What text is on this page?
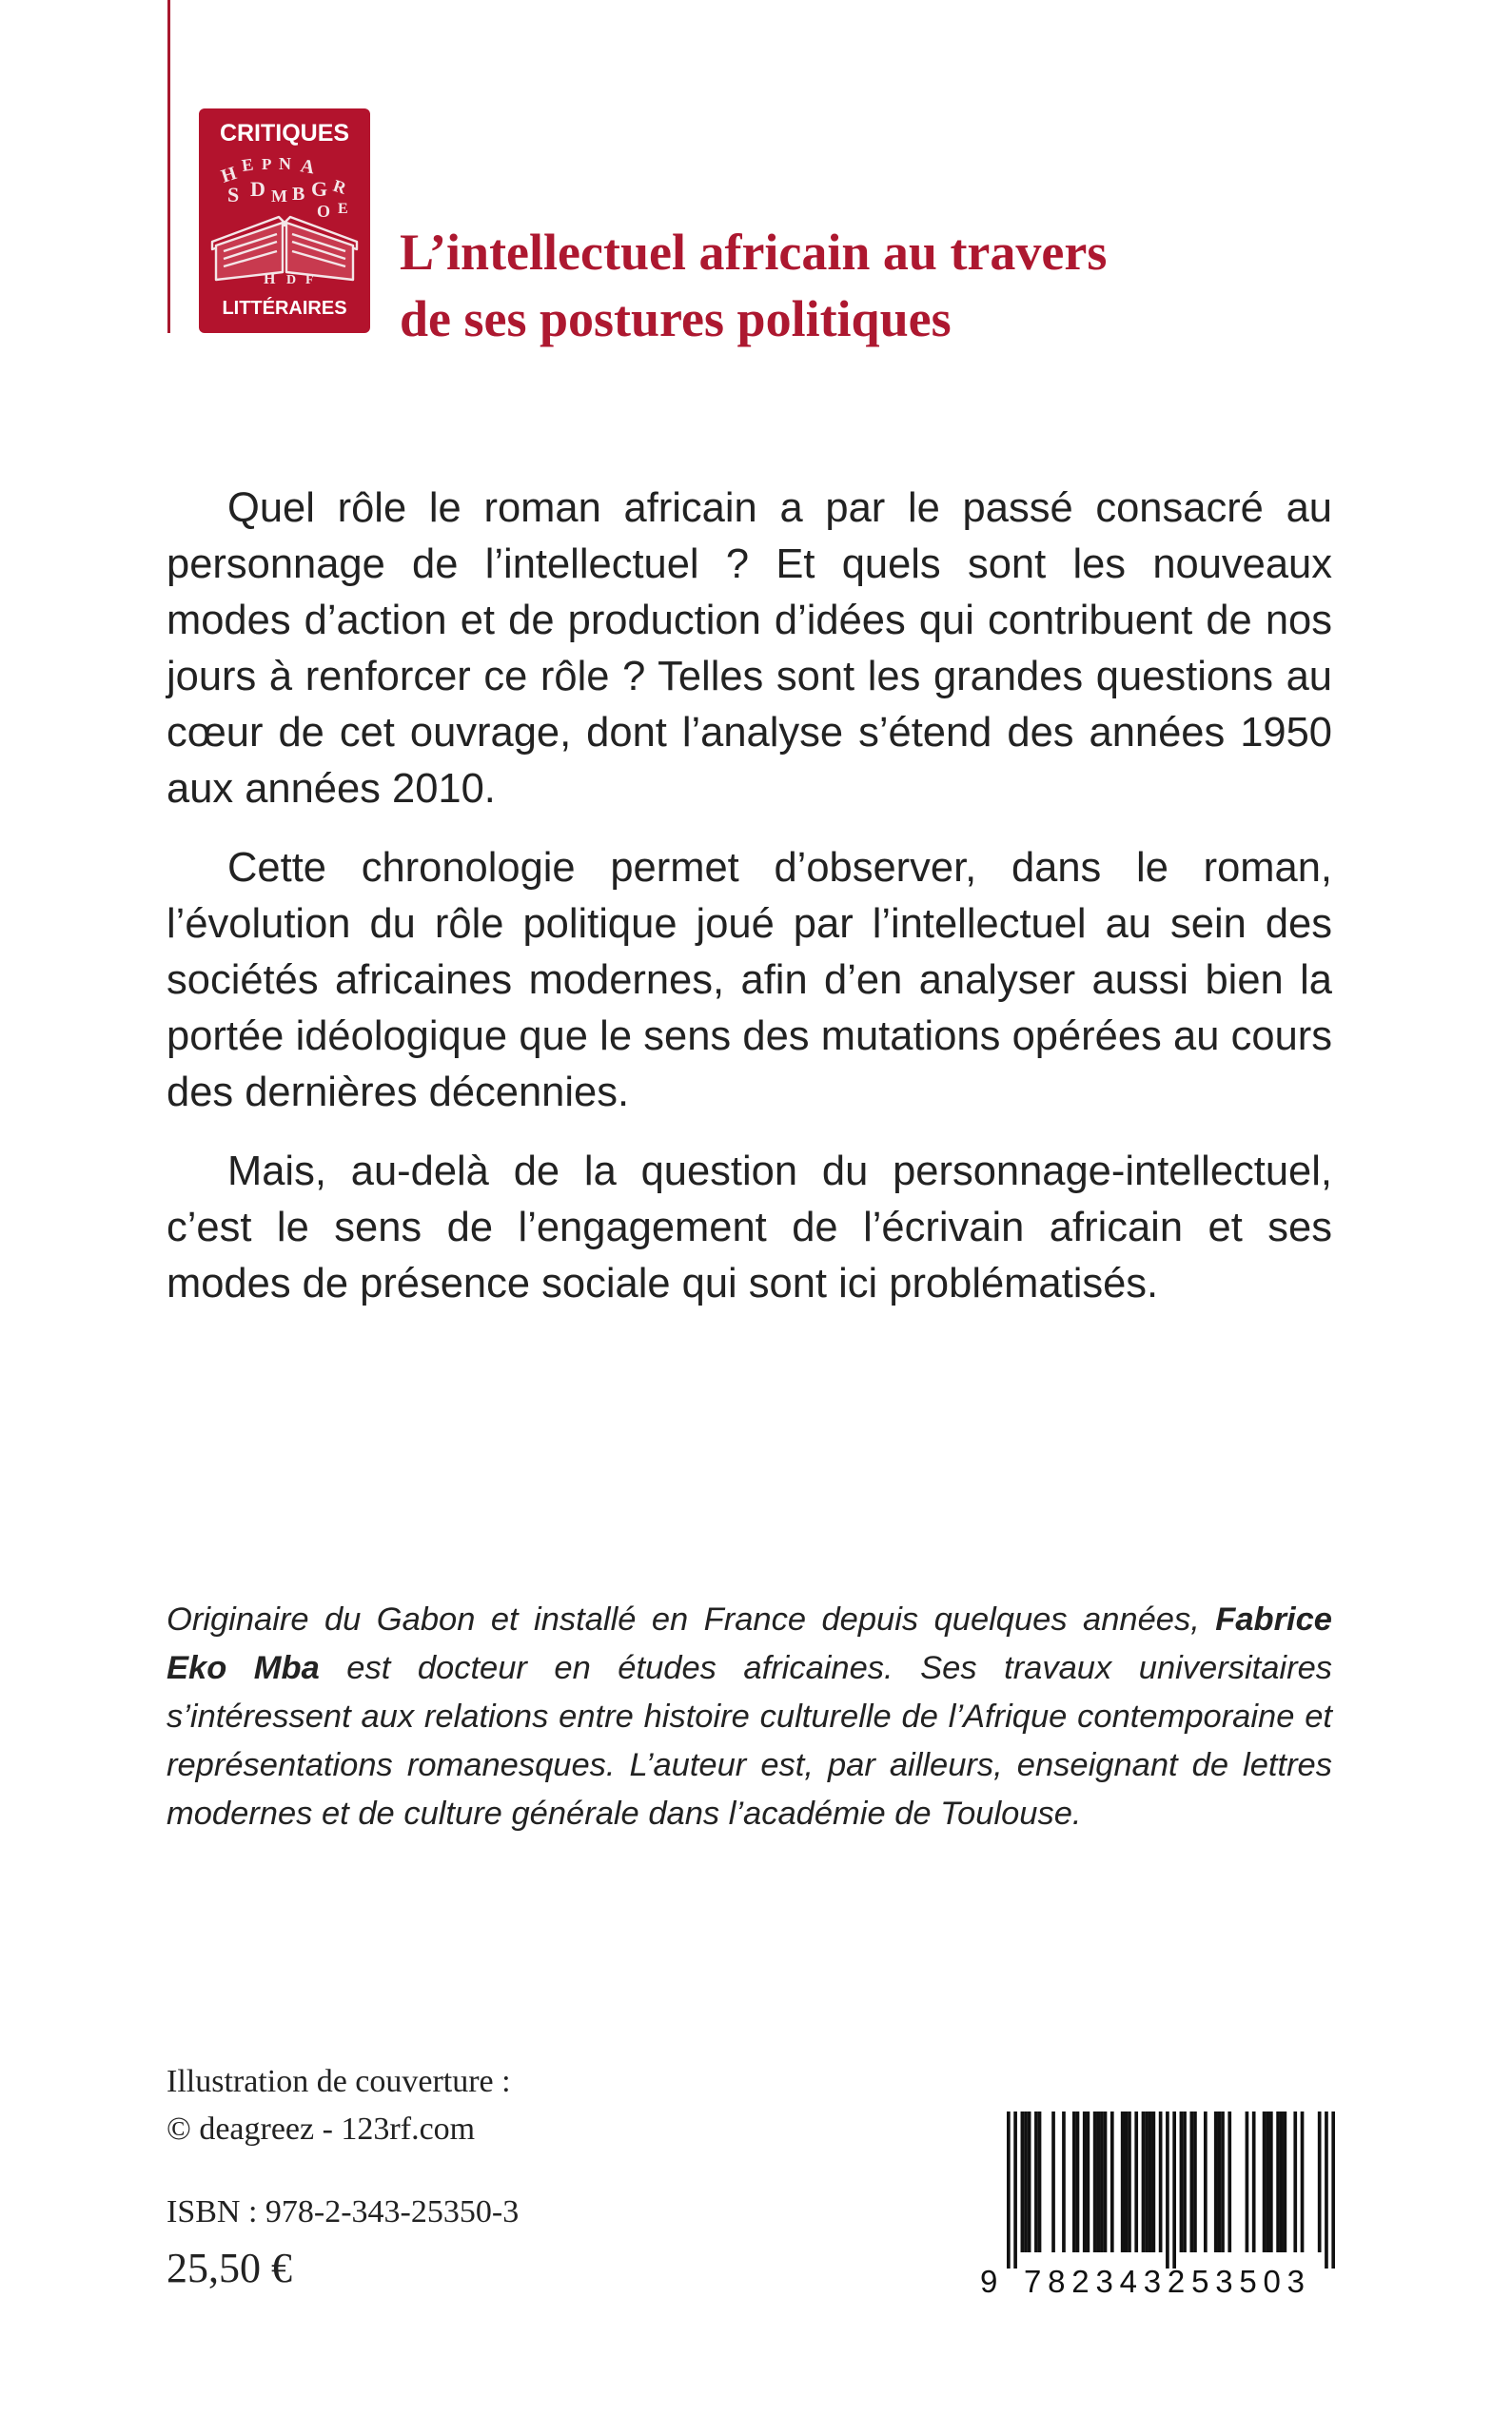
CRITIQUES
H E P N A
S D M B G R
O E
H D F
LITTÉRAIRES
L’intellectuel africain au travers
de ses postures politiques

Quel rôle le roman africain a par le passé consacré au personnage de l’intellectuel ? Et quels sont les nouveaux modes d’action et de production d’idées qui contribuent de nos jours à renforcer ce rôle ? Telles sont les grandes questions au cœur de cet ouvrage, dont l’analyse s’étend des années 1950 aux années 2010.

Cette chronologie permet d’observer, dans le roman, l’évolution du rôle politique joué par l’intellectuel au sein des sociétés africaines modernes, afin d’en analyser aussi bien la portée idéologique que le sens des mutations opérées au cours des dernières décennies.

Mais, au-delà de la question du personnage-intellectuel, c’est le sens de l’engagement de l’écrivain africain et ses modes de présence sociale qui sont ici problématisés.

Originaire du Gabon et installé en France depuis quelques années, Fabrice Eko Mba est docteur en études africaines. Ses travaux universitaires s’intéressent aux relations entre histoire culturelle de l’Afrique contemporaine et représentations romanesques. L’auteur est, par ailleurs, enseignant de lettres modernes et de culture générale dans l’académie de Toulouse.

Illustration de couverture :
© deagreez - 123rf.com
ISBN : 978-2-343-25350-3
25,50 €	9 782343253503
